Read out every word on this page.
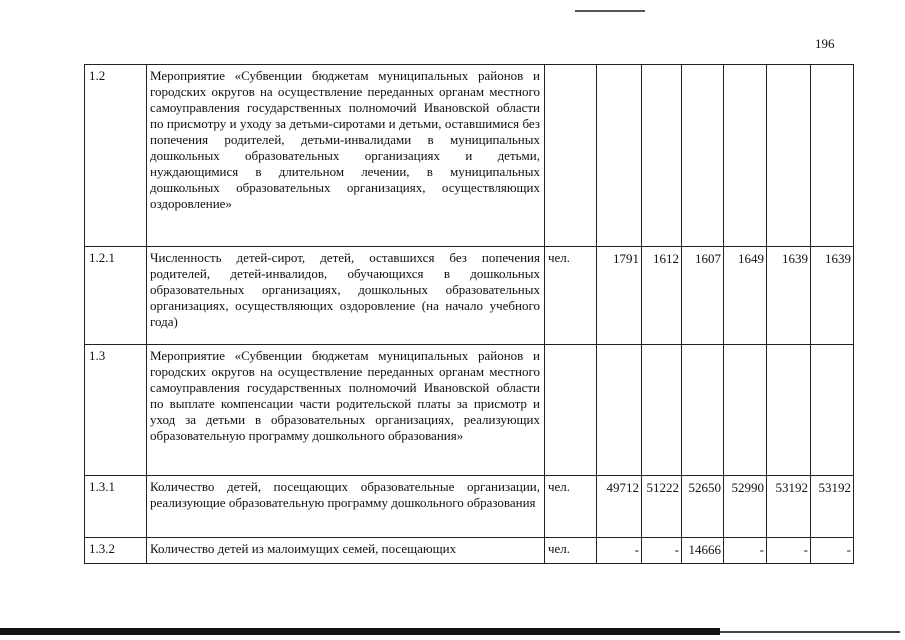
196
1.2	Мероприятие «Субвенции бюджетам муниципальных районов и городских округов на осуществление переданных органам местного самоуправления государственных полномочий Ивановской области по присмотру и уходу за детьми-сиротами и детьми, оставшимися без попечения родителей, детьми-инвалидами в муниципальных дошкольных образовательных организациях и детьми, нуждающимися в длительном лечении, в муниципальных дошкольных образовательных организациях, осуществляющих оздоровление»							
1.2.1	Численность детей-сирот, детей, оставшихся без попечения родителей, детей-инвалидов, обучающихся в дошкольных образовательных организациях, дошкольных образовательных организациях, осуществляющих оздоровление (на начало учебного года)	чел.	1791	1612	1607	1649	1639	1639
1.3	Мероприятие «Субвенции бюджетам муниципальных районов и городских округов на осуществление переданных органам местного самоуправления государственных полномочий Ивановской области по выплате компенсации части родительской платы за присмотр и уход за детьми в образовательных организациях, реализующих образовательную программу дошкольного образования»							
1.3.1	Количество детей, посещающих образовательные организации, реализующие образовательную программу дошкольного образования	чел.	49712	51222	52650	52990	53192	53192
1.3.2	Количество детей из малоимущих семей, посещающих	чел.	-	-	14666	-	-	-
